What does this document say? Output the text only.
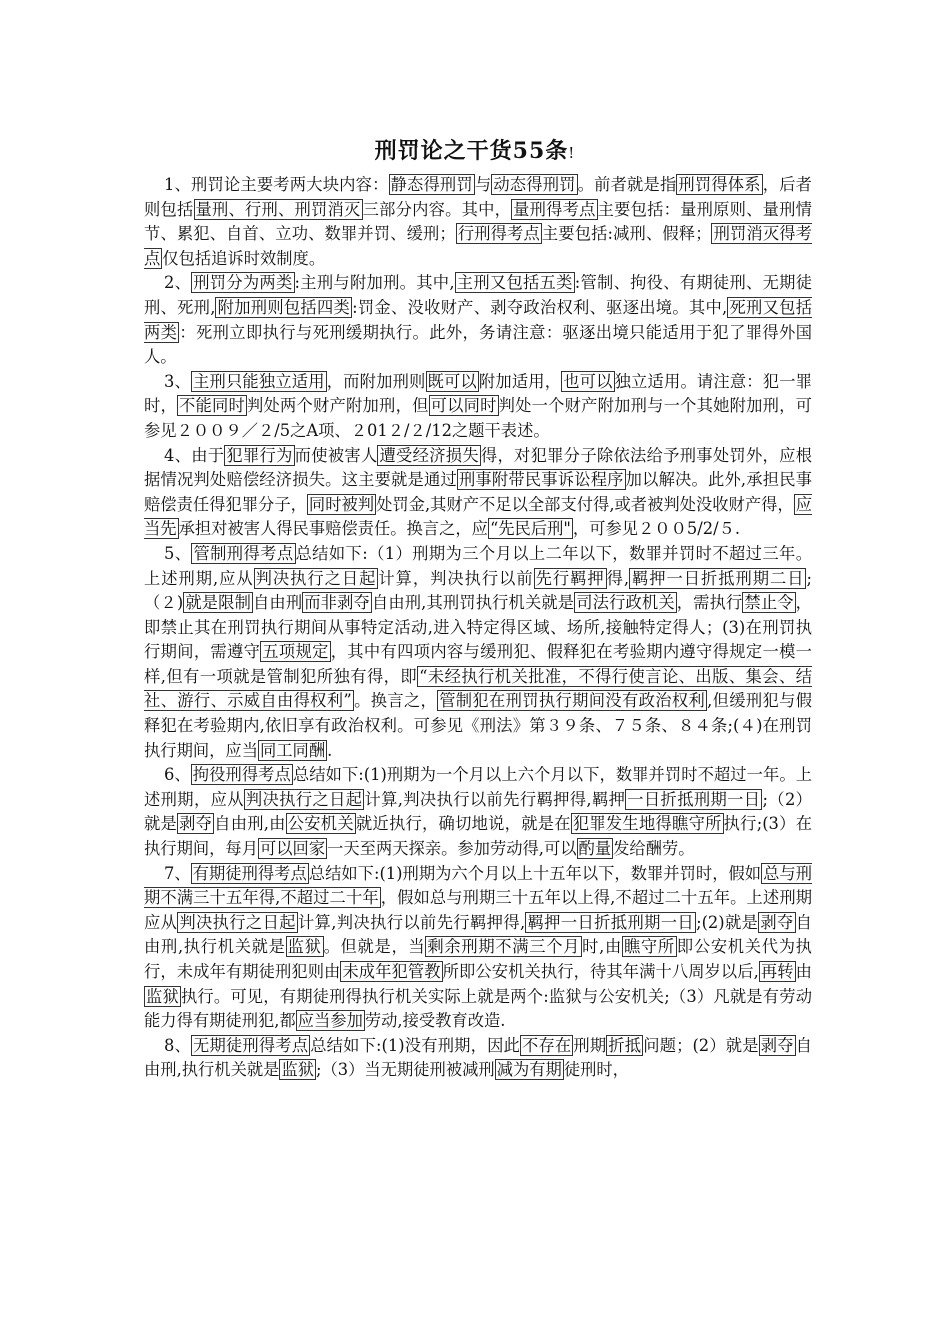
刑罚论之干货55条!

1、刑罚论主要考两大块内容： 静态得刑罚 与 动态得刑罚 。前者就是指 刑罚得体系 ，后者则包括 量刑、行刑、刑罚消灭 三部分内容。其中， 量刑得考点 主要包括：量刑原则、量刑情节、累犯、自首、立功、数罪并罚、缓刑； 行刑得考点 主要包括:减刑、假释； 刑罚消灭得考点 仅包括追诉时效制度。

2、 刑罚分为两类 :主刑与附加刑。其中, 主刑又包括五类 :管制、拘役、有期徒刑、无期徒刑、死刑, 附加刑则包括四类 :罚金、没收财产、剥夺政治权利、驱逐出境。其中, 死刑又包括两类 ：死刑立即执行与死刑缓期执行。此外，务请注意：驱逐出境只能适用于犯了罪得外国人。

3、 主刑只能独立适用 ，而附加刑则 既可以 附加适用， 也可以 独立适用。请注意：犯一罪时， 不能同时 判处两个财产附加刑，但 可以同时 判处一个财产附加刑与一个其她附加刑，可参见２００９／２/5之A项、２01２/２/12之题干表述。

4、由于 犯罪行为 而使被害人 遭受经济损失 得，对犯罪分子除依法给予刑事处罚外，应根据情况判处赔偿经济损失。这主要就是通过 刑事附带民事诉讼程序 加以解决。此外,承担民事赔偿责任得犯罪分子， 同时被判 处罚金,其财产不足以全部支付得,或者被判处没收财产得， 应当先 承担对被害人得民事赔偿责任。换言之，应 “先民后刑" ，可参见２００5/2/５.

5、 管制刑得考点 总结如下:（1）刑期为三个月以上二年以下，数罪并罚时不超过三年。上述刑期,应从 判决执行之日起 计算，判决执行以前 先行羁押 得, 羁押一日折抵刑期二日 ;（２) 就是限制 自由刑 而非剥夺 自由刑,其刑罚执行机关就是 司法行政机关 ，需执行 禁止令 ，即禁止其在刑罚执行期间从事特定活动,进入特定得区域、场所,接触特定得人；(3)在刑罚执行期间，需遵守 五项规定 ，其中有四项内容与缓刑犯、假释犯在考验期内遵守得规定一模一样,但有一项就是管制犯所独有得，即 “未经执行机关批准，不得行使言论、出版、集会、结社、游行、示威自由得权利” 。换言之， 管制犯在刑罚执行期间没有政治权利 ,但缓刑犯与假释犯在考验期内,依旧享有政治权利。可参见《刑法》第３９条、７５条、８４条;(４)在刑罚执行期间，应当 同工同酬 .

6、 拘役刑得考点 总结如下:(1)刑期为一个月以上六个月以下，数罪并罚时不超过一年。上述刑期，应从 判决执行之日起 计算,判决执行以前先行羁押得,羁押 一日折抵刑期一日 ;（2）就是 剥夺 自由刑,由 公安机关 就近执行，确切地说，就是在 犯罪发生地得瞧守所 执行;(3）在执行期间，每月 可以回家 一天至两天探亲。参加劳动得,可以 酌量 发给酬劳。

7、 有期徒刑得考点 总结如下:(1)刑期为六个月以上十五年以下，数罪并罚时，假如 总与刑期不满三十五年得,不超过二十年 ，假如总与刑期三十五年以上得,不超过二十五年。上述刑期应从 判决执行之日起 计算,判决执行以前先行羁押得, 羁押一日折抵刑期一日 ;(2)就是 剥夺 自由刑,执行机关就是 监狱 。但就是，当 剩余刑期不满三个月 时,由 瞧守所 即公安机关代为执行，未成年有期徒刑犯则由 未成年犯管教 所即公安机关执行，待其年满十八周岁以后, 再转 由监狱 执行。可见，有期徒刑得执行机关实际上就是两个:监狱与公安机关;（3）凡就是有劳动能力得有期徒刑犯,都 应当参加 劳动,接受教育改造.

8、 无期徒刑得考点 总结如下:(1)没有刑期，因此 不存在 刑期 折抵 问题；(2）就是 剥夺 自由刑,执行机关就是 监狱 ;（3）当无期徒刑被减刑 减为有期 徒刑时，
